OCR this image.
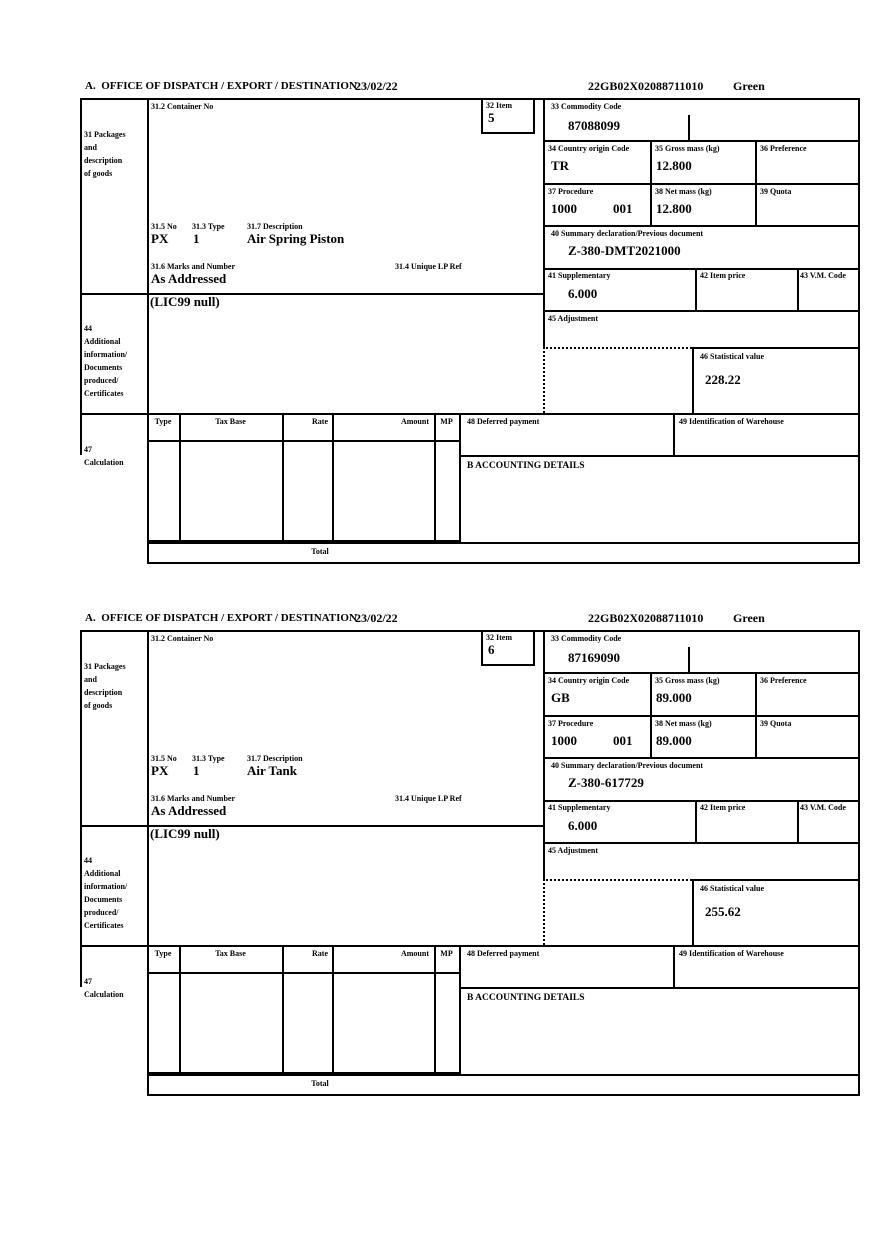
A.  OFFICE OF DISPATCH / EXPORT / DESTINATION
23/02/22	22GB02X02088711010 Green

31 Packages
and
description
of goods

44
Additional
information/
Documents
produced/
Certificates

47
Calculation

31.2 Container No	32 Item
5
33 Commodity Code
87088099
34 Country origin Code
TR
35 Gross mass (kg)
12.800
36 Preference
37 Procedure
1000	001
38 Net mass (kg)
12.800
39 Quota
31.5 No 31.3 Type	31.7 Description
PX 1	Air Spring Piston
31.6 Marks and Number	31.4 Unique LP Ref
As Addressed
40 Summary declaration/Previous document
Z-380-DMT2021000
41 Supplementary
6.000
42 Item price	43 V.M. Code
(LIC99 null)
45 Adjustment
46 Statistical value
228.22
Type	Tax Base	Rate	Amount	MP	48 Deferred payment	49 Identification of Warehouse
B ACCOUNTING DETAILS
Total
A.  OFFICE OF DISPATCH / EXPORT / DESTINATION
23/02/22	22GB02X02088711010 Green

31 Packages
and
description
of goods

44
Additional
information/
Documents
produced/
Certificates

47
Calculation

31.2 Container No	32 Item
6
33 Commodity Code
87169090
34 Country origin Code
GB
35 Gross mass (kg)
89.000
36 Preference
37 Procedure
1000	001
38 Net mass (kg)
89.000
39 Quota
31.5 No 31.3 Type	31.7 Description
PX 1	Air Tank
31.6 Marks and Number	31.4 Unique LP Ref
As Addressed
40 Summary declaration/Previous document
Z-380-617729
41 Supplementary
6.000
42 Item price	43 V.M. Code
(LIC99 null)
45 Adjustment
46 Statistical value
255.62
Type	Tax Base	Rate	Amount	MP	48 Deferred payment	49 Identification of Warehouse
B ACCOUNTING DETAILS
Total
